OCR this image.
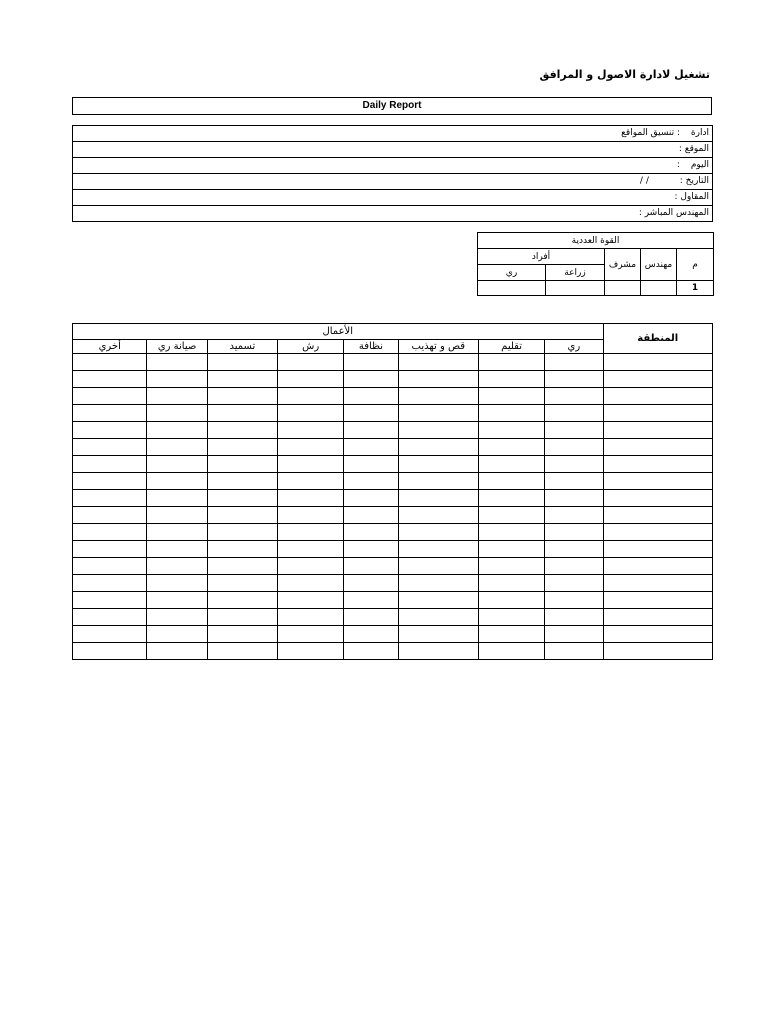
تشغيل لادارة الاصول و المرافق
Daily Report
ادارة : تنسيق المواقع
الموقع :
اليوم :
التاريخ : / /
المقاول :
المهندس المباشر :
القوة العددية				
م	مهندس	مشرف	أفراد	
			زراعة	ري
1				
المنطقة	الأعمال							
	ري	تقليم	قص و تهذيب	نظافة	رش	تسميد	صيانة ري	أخري
